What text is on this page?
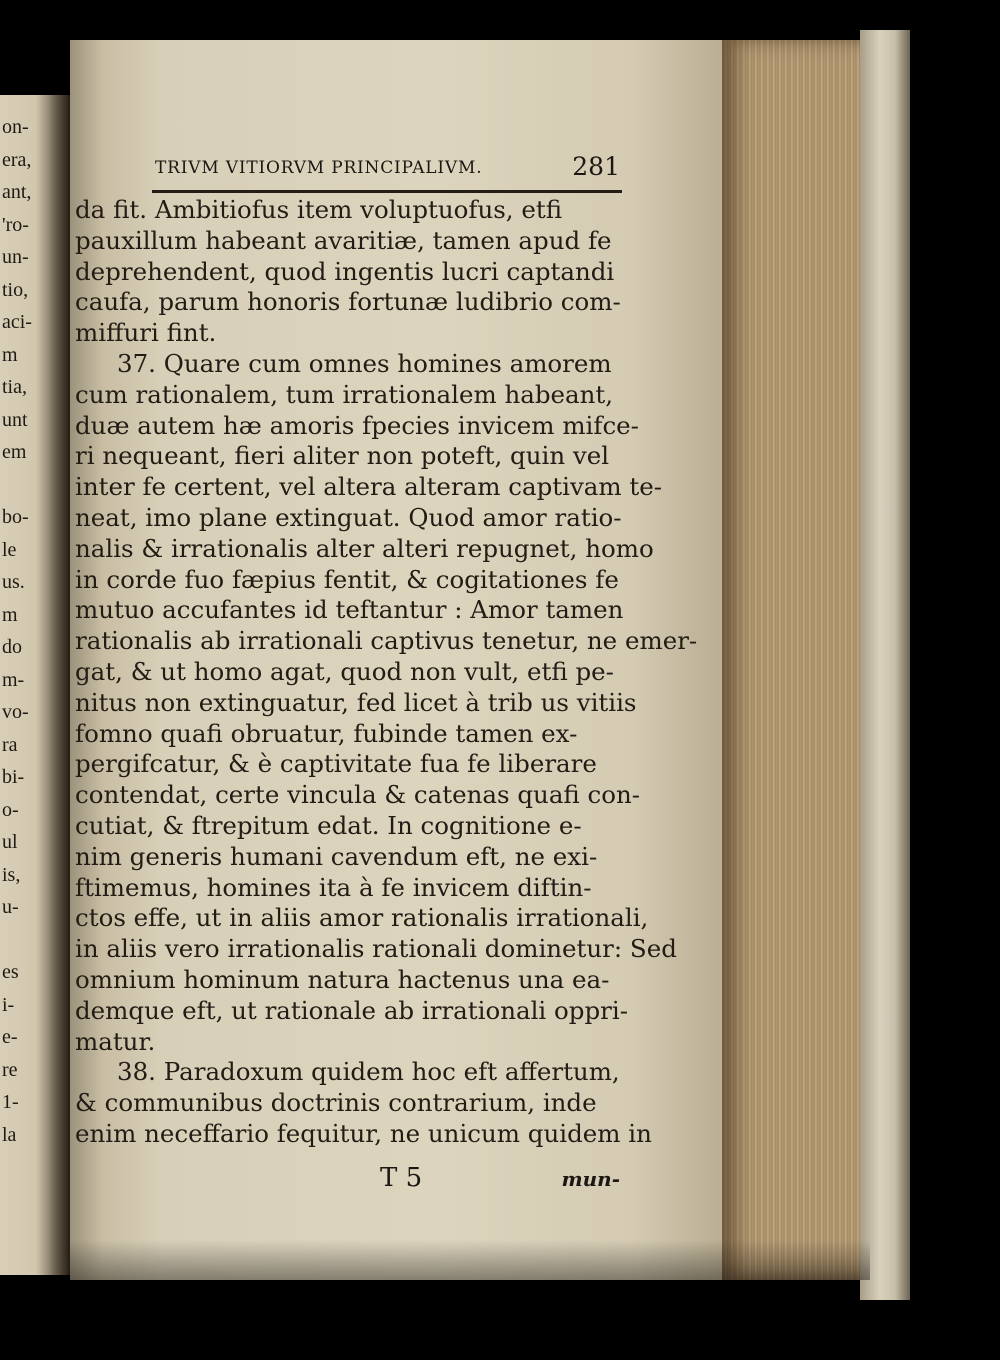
on-
era,
ant,
'ro-
un-
tio,
aci-
m
tia,
unt
em
bo-
le
us.
m
do
m-
vo-
ra
bi-
o-
ul
is,
u-
es
i-
e-
re
1-
la
TRIVM VITIORVM PRINCIPALIVM.	281
da fit. Ambitiofus item voluptuofus, etfi
pauxillum habeant avaritiæ, tamen apud fe
deprehendent, quod ingentis lucri captandi
caufa, parum honoris fortunæ ludibrio com-
miffuri fint.
37. Quare cum omnes homines amorem
cum rationalem, tum irrationalem habeant,
duæ autem hæ amoris fpecies invicem mifce-
ri nequeant, fieri aliter non poteft, quin vel
inter fe certent, vel altera alteram captivam te-
neat, imo plane extinguat. Quod amor ratio-
nalis & irrationalis alter alteri repugnet, homo
in corde fuo fæpius fentit, & cogitationes fe
mutuo accufantes id teftantur : Amor tamen
rationalis ab irrationali captivus tenetur, ne emer-
gat, & ut homo agat, quod non vult, etfi pe-
nitus non extinguatur, fed licet à trib us vitiis
fomno quafi obruatur, fubinde tamen ex-
pergifcatur, & è captivitate fua fe liberare
contendat, certe vincula & catenas quafi con-
cutiat, & ftrepitum edat. In cognitione e-
nim generis humani cavendum eft, ne exi-
ftimemus, homines ita à fe invicem diftin-
ctos effe, ut in aliis amor rationalis irrationali,
in aliis vero irrationalis rationali dominetur: Sed
omnium hominum natura hactenus una ea-
demque eft, ut rationale ab irrationali oppri-
matur.
38. Paradoxum quidem hoc eft affertum,
& communibus doctrinis contrarium, inde
enim neceffario fequitur, ne unicum quidem in
T 5	mun-
